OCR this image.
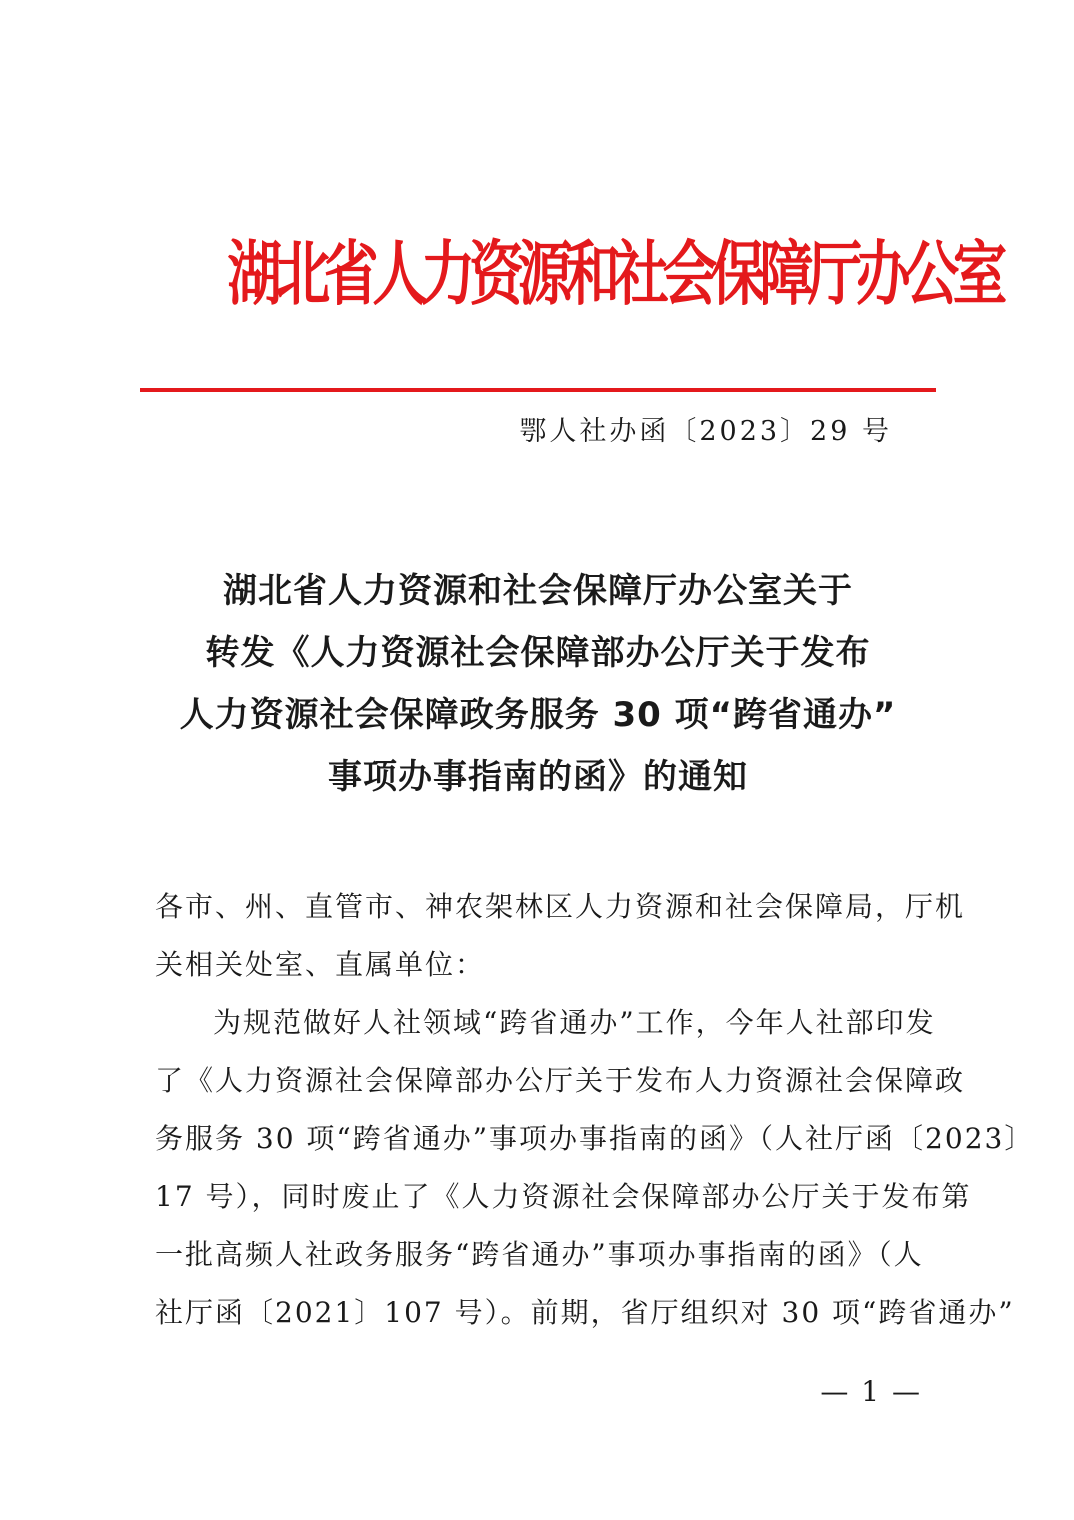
湖北省人力资源和社会保障厅办公室
鄂人社办函〔2023〕29 号
湖北省人力资源和社会保障厅办公室关于
转发《人力资源社会保障部办公厅关于发布
人力资源社会保障政务服务 30 项“跨省通办”
事项办事指南的函》的通知
各市、州、直管市、神农架林区人力资源和社会保障局，厅机
关相关处室、直属单位：
为规范做好人社领域“跨省通办”工作，今年人社部印发
了《人力资源社会保障部办公厅关于发布人力资源社会保障政
务服务 30 项“跨省通办”事项办事指南的函》（人社厅函〔2023〕
17 号），同时废止了《人力资源社会保障部办公厅关于发布第
一批高频人社政务服务“跨省通办”事项办事指南的函》（人
社厅函〔2021〕107 号）。前期，省厅组织对 30 项“跨省通办”
— 1 —
